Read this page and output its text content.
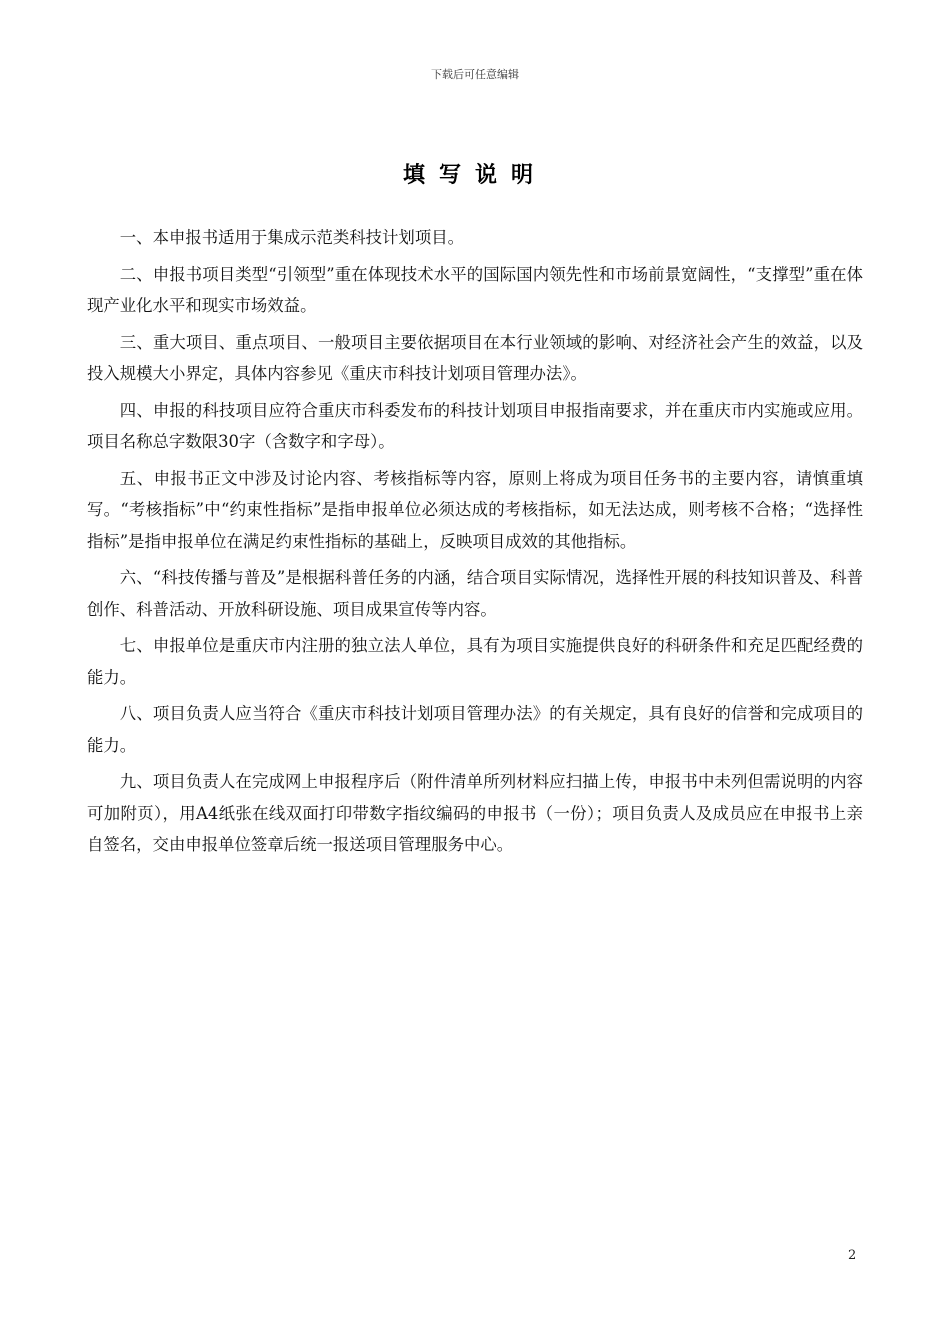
下载后可任意编辑
填写说明

一、本申报书适用于集成示范类科技计划项目。

二、申报书项目类型“引领型”重在体现技术水平的国际国内领先性和市场前景宽阔性，“支撑型”重在体现产业化水平和现实市场效益。

三、重大项目、重点项目、一般项目主要依据项目在本行业领域的影响、对经济社会产生的效益，以及投入规模大小界定，具体内容参见《重庆市科技计划项目管理办法》。

四、申报的科技项目应符合重庆市科委发布的科技计划项目申报指南要求，并在重庆市内实施或应用。项目名称总字数限30字（含数字和字母）。

五、申报书正文中涉及讨论内容、考核指标等内容，原则上将成为项目任务书的主要内容，请慎重填写。“考核指标”中“约束性指标”是指申报单位必须达成的考核指标，如无法达成，则考核不合格；“选择性指标”是指申报单位在满足约束性指标的基础上，反映项目成效的其他指标。

六、“科技传播与普及”是根据科普任务的内涵，结合项目实际情况，选择性开展的科技知识普及、科普创作、科普活动、开放科研设施、项目成果宣传等内容。

七、申报单位是重庆市内注册的独立法人单位，具有为项目实施提供良好的科研条件和充足匹配经费的能力。

八、项目负责人应当符合《重庆市科技计划项目管理办法》的有关规定，具有良好的信誉和完成项目的能力。

九、项目负责人在完成网上申报程序后（附件清单所列材料应扫描上传，申报书中未列但需说明的内容可加附页），用A4纸张在线双面打印带数字指纹编码的申报书（一份）；项目负责人及成员应在申报书上亲自签名，交由申报单位签章后统一报送项目管理服务中心。

2
